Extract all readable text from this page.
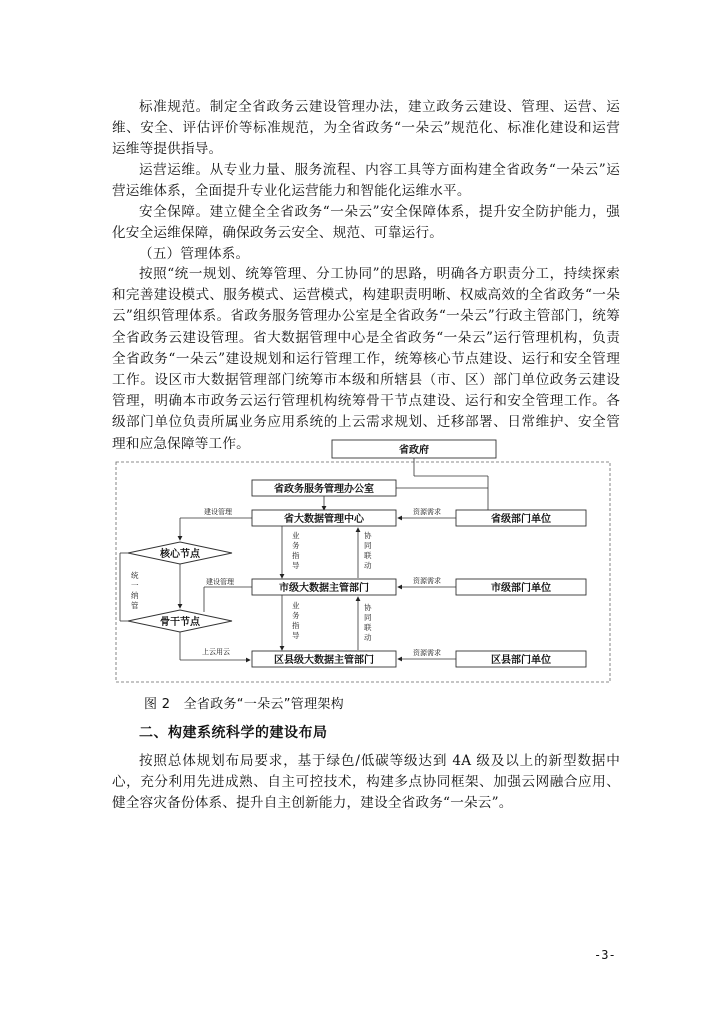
标准规范。制定全省政务云建设管理办法，建立政务云建设、管理、运营、运维、安全、评估评价等标准规范，为全省政务“一朵云”规范化、标准化建设和运营运维等提供指导。

运营运维。从专业力量、服务流程、内容工具等方面构建全省政务“一朵云”运营运维体系，全面提升专业化运营能力和智能化运维水平。

安全保障。建立健全全省政务“一朵云”安全保障体系，提升安全防护能力，强化安全运维保障，确保政务云安全、规范、可靠运行。

（五）管理体系。

按照“统一规划、统筹管理、分工协同”的思路，明确各方职责分工，持续探索和完善建设模式、服务模式、运营模式，构建职责明晰、权威高效的全省政务“一朵云”组织管理体系。省政务服务管理办公室是全省政务“一朵云”行政主管部门，统筹全省政务云建设管理。省大数据管理中心是全省政务“一朵云”运行管理机构，负责全省政务“一朵云”建设规划和运行管理工作，统筹核心节点建设、运行和安全管理工作。设区市大数据管理部门统筹市本级和所辖县（市、区）部门单位政务云建设管理，明确本市政务云运行管理机构统筹骨干节点建设、运行和安全管理工作。各级部门单位负责所属业务应用系统的上云需求规划、迁移部署、日常维护、安全管理和应急保障等工作。	省政府
省政务服务管理办公室
省大数据管理中心	省级部门单位
资源需求
业
务
指
导
协
同
联
动
建设管理
核心节点
统
一
纳
管
市级大数据主管部门	市级部门单位
资源需求
建设管理
骨干节点
上云用云
业
务
指
导
协
同
联
动
区县级大数据主管部门	区县部门单位
资源需求
图 2　全省政务“一朵云”管理架构
二、构建系统科学的建设布局

按照总体规划布局要求，基于绿色/低碳等级达到 4A 级及以上的新型数据中心，充分利用先进成熟、自主可控技术，构建多点协同框架、加强云网融合应用、健全容灾备份体系、提升自主创新能力，建设全省政务“一朵云”。

-3-
